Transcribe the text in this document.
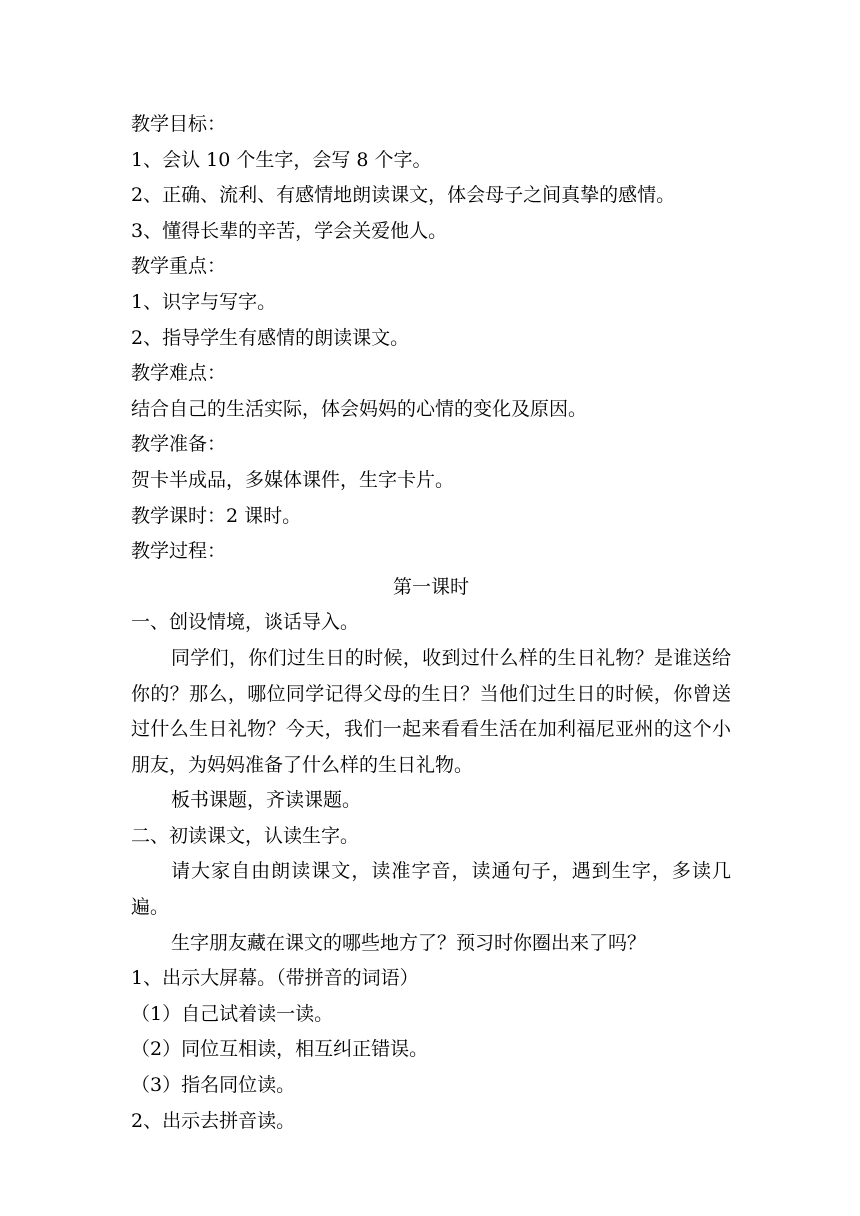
教学目标：

1、会认 10 个生字，会写 8 个字。

2、正确、流利、有感情地朗读课文，体会母子之间真挚的感情。

3、懂得长辈的辛苦，学会关爱他人。

教学重点：

1、识字与写字。

2、指导学生有感情的朗读课文。

教学难点：

结合自己的生活实际，体会妈妈的心情的变化及原因。

教学准备：

贺卡半成品，多媒体课件，生字卡片。

教学课时：2 课时。

教学过程：

第一课时

一、创设情境，谈话导入。

同学们，你们过生日的时候，收到过什么样的生日礼物？是谁送给你的？那么，哪位同学记得父母的生日？当他们过生日的时候，你曾送过什么生日礼物？今天，我们一起来看看生活在加利福尼亚州的这个小朋友，为妈妈准备了什么样的生日礼物。

板书课题，齐读课题。

二、初读课文，认读生字。

请大家自由朗读课文，读准字音，读通句子，遇到生字，多读几遍。

生字朋友藏在课文的哪些地方了？预习时你圈出来了吗？

1、出示大屏幕。（带拼音的词语）

（1）自己试着读一读。

（2）同位互相读，相互纠正错误。

（3）指名同位读。

2、出示去拼音读。
